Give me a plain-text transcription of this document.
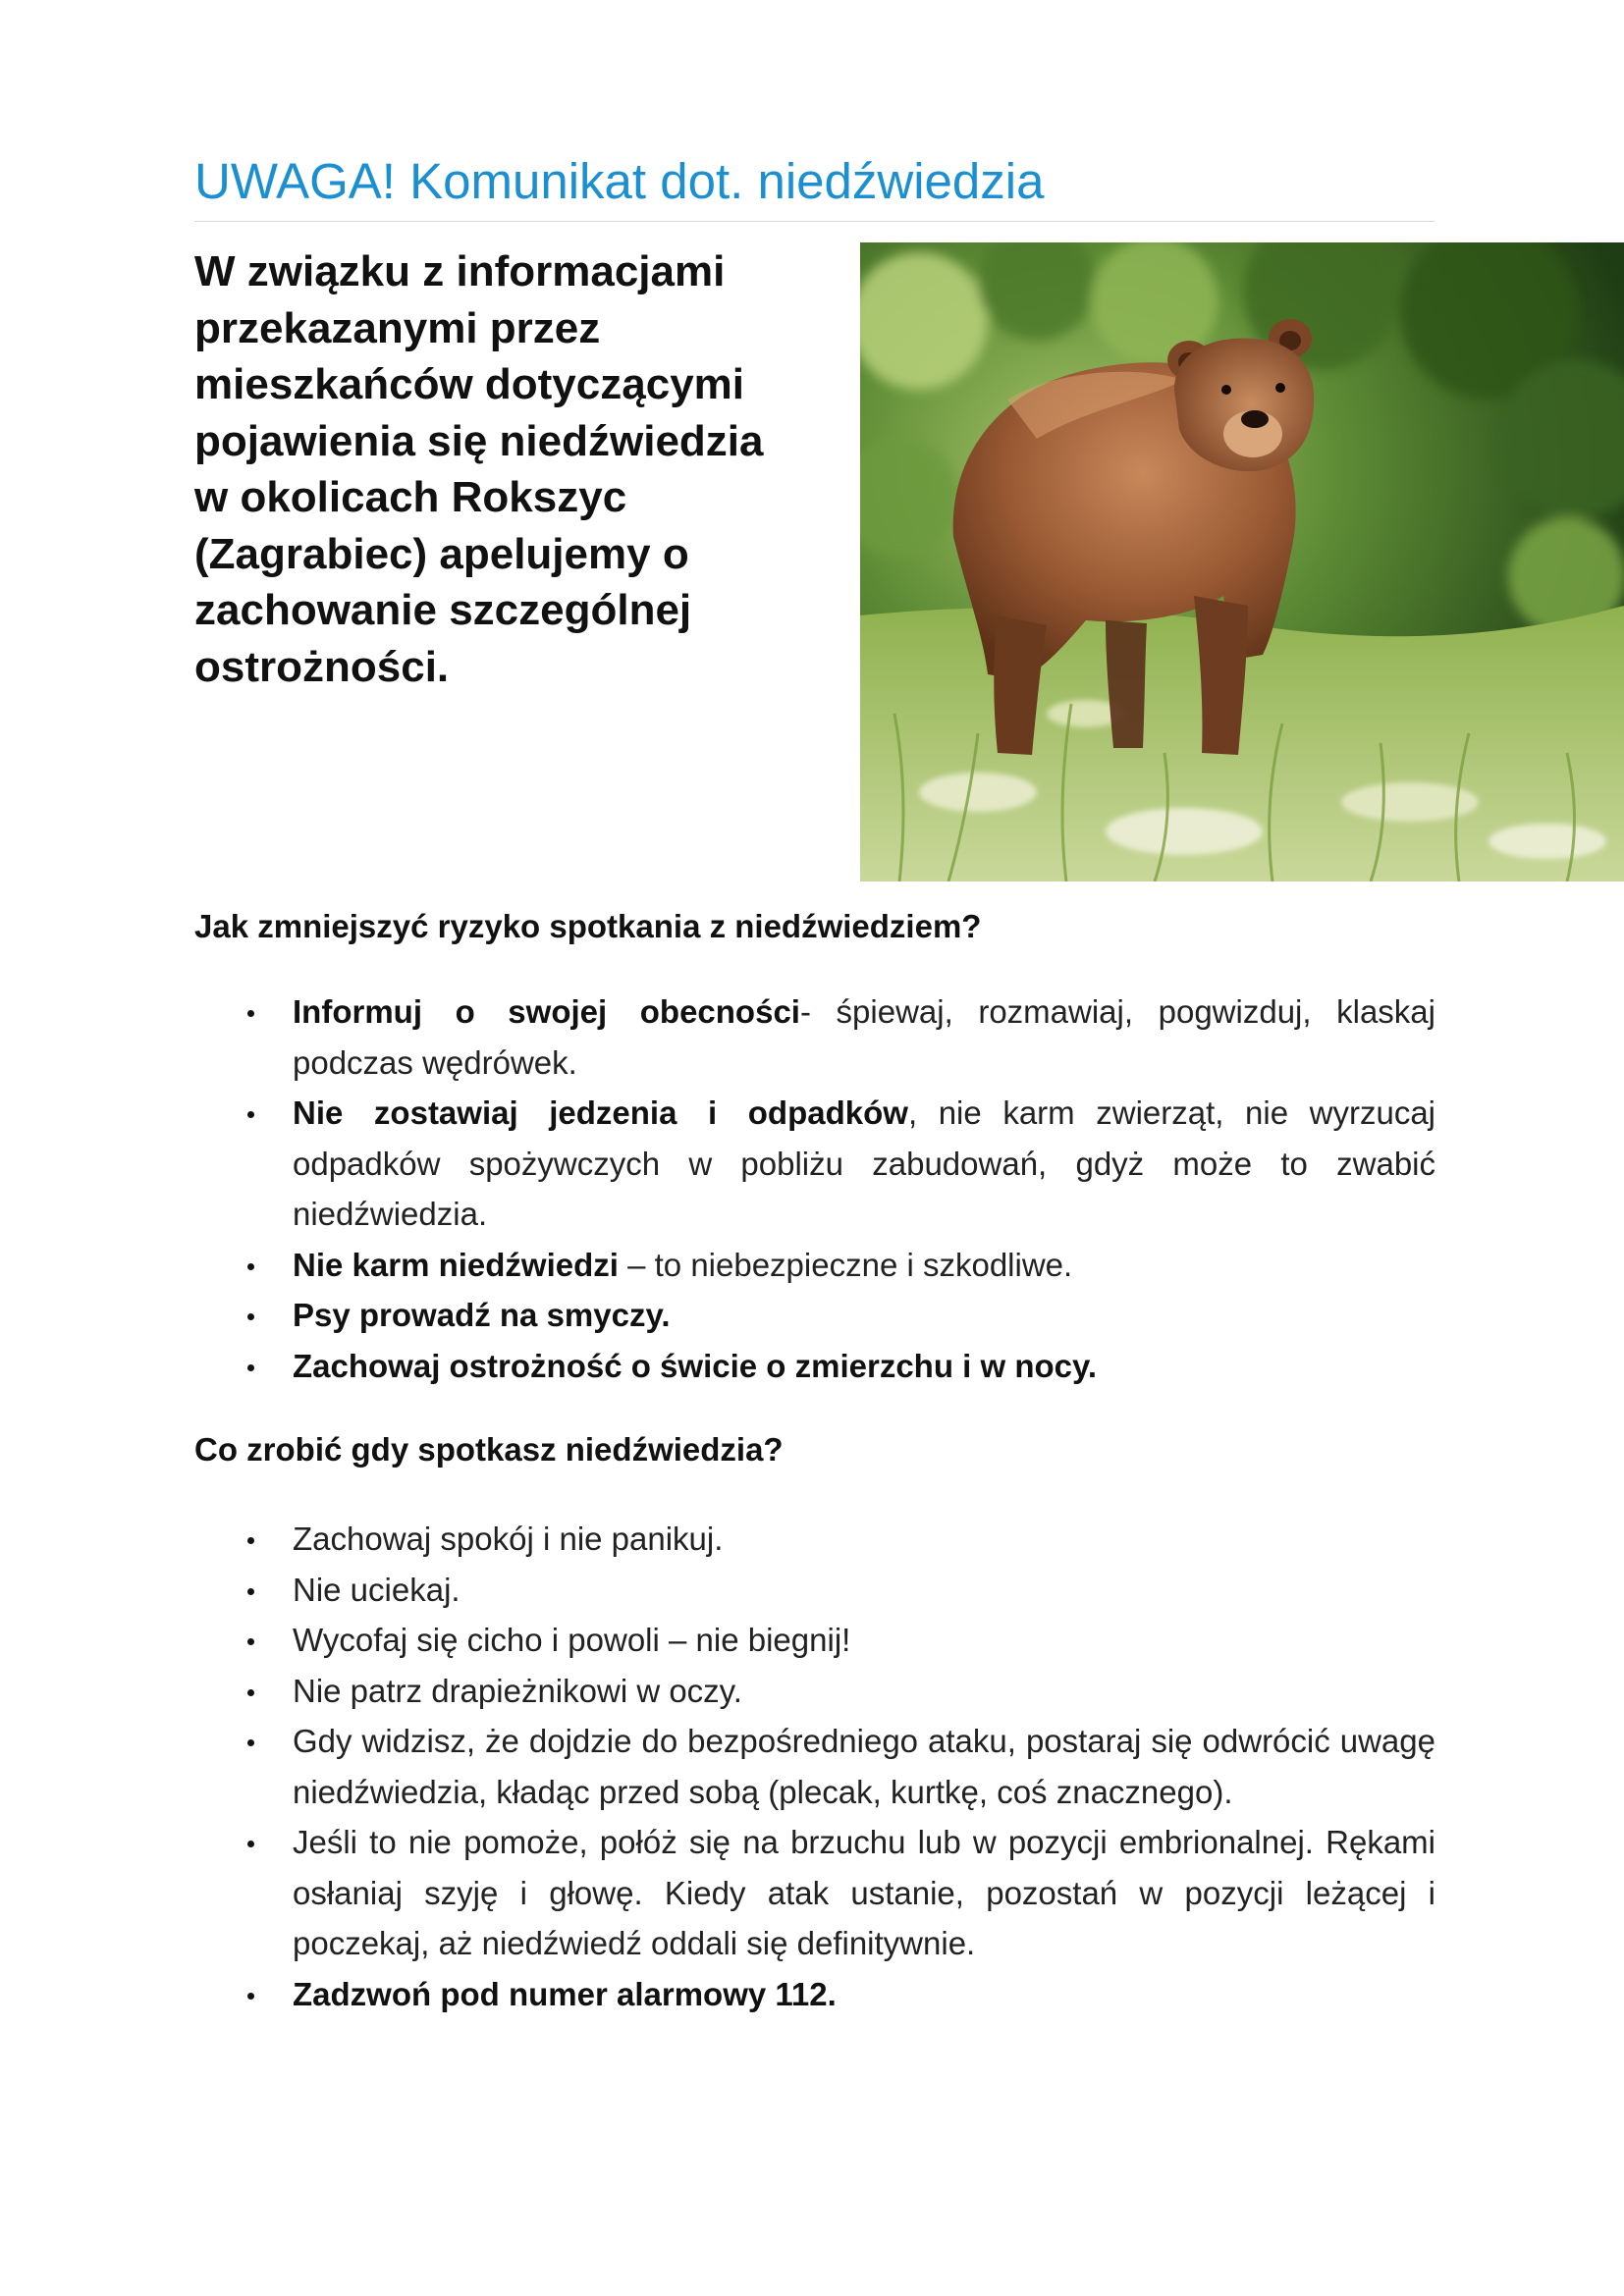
UWAGA! Komunikat dot. niedźwiedzia

W związku z informacjami przekazanymi przez mieszkańców dotyczącymi pojawienia się niedźwiedzia w okolicach Rokszyc (Zagrabiec) apelujemy o zachowanie szczególnej ostrożności.

Jak zmniejszyć ryzyko spotkania z niedźwiedziem?
Informuj o swojej obecności- śpiewaj, rozmawiaj, pogwizduj, klaskaj podczas wędrówek.
Nie zostawiaj jedzenia i odpadków, nie karm zwierząt, nie wyrzucaj odpadków spożywczych w pobliżu zabudowań, gdyż może to zwabić niedźwiedzia.
Nie karm niedźwiedzi – to niebezpieczne i szkodliwe.
Psy prowadź na smyczy.
Zachowaj ostrożność o świcie o zmierzchu i w nocy.
Co zrobić gdy spotkasz niedźwiedzia?
Zachowaj spokój i nie panikuj.
Nie uciekaj.
Wycofaj się cicho i powoli – nie biegnij!
Nie patrz drapieżnikowi w oczy.
Gdy widzisz, że dojdzie do bezpośredniego ataku, postaraj się odwrócić uwagę niedźwiedzia, kładąc przed sobą (plecak, kurtkę, coś znacznego).
Jeśli to nie pomoże, połóż się na brzuchu lub w pozycji embrionalnej. Rękami osłaniaj szyję i głowę. Kiedy atak ustanie, pozostań w pozycji leżącej i poczekaj, aż niedźwiedź oddali się definitywnie.
Zadzwoń pod numer alarmowy 112.
